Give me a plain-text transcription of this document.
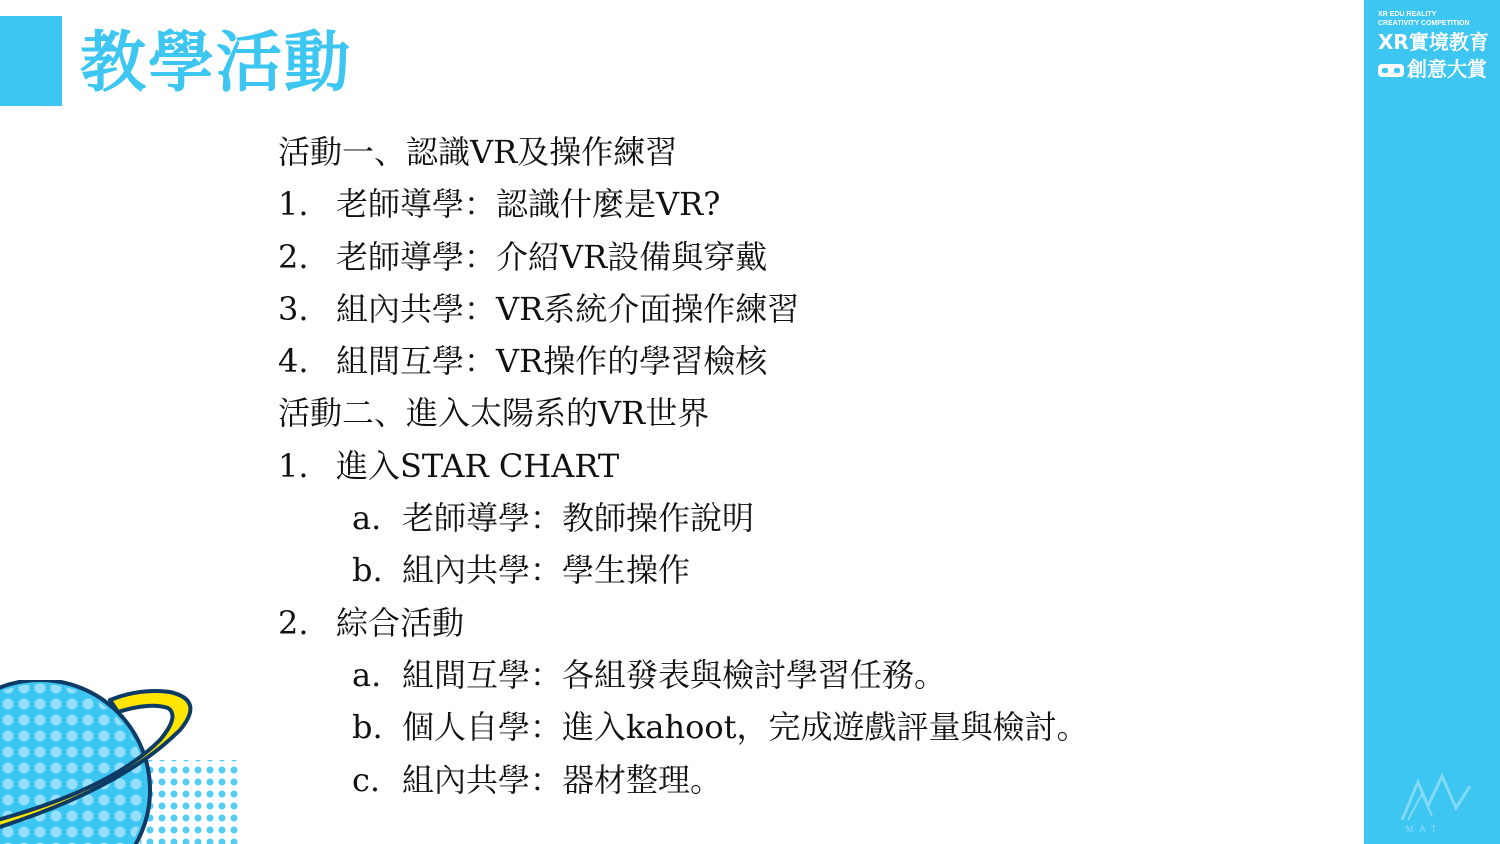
教學活動
XR EDU REALITY
CREATIVITY COMPETITION
XR實境教育
創意大賞
MAT
活動一、認識VR及操作練習
1. 老師導學：認識什麼是VR?
2. 老師導學：介紹VR設備與穿戴
3. 組內共學：VR系統介面操作練習
4. 組間互學：VR操作的學習檢核
活動二、進入太陽系的VR世界
1. 進入STAR CHART
a. 老師導學：教師操作說明
b. 組內共學：學生操作
2. 綜合活動
a. 組間互學：各組發表與檢討學習任務。
b. 個人自學：進入kahoot，完成遊戲評量與檢討。
c. 組內共學：器材整理。
